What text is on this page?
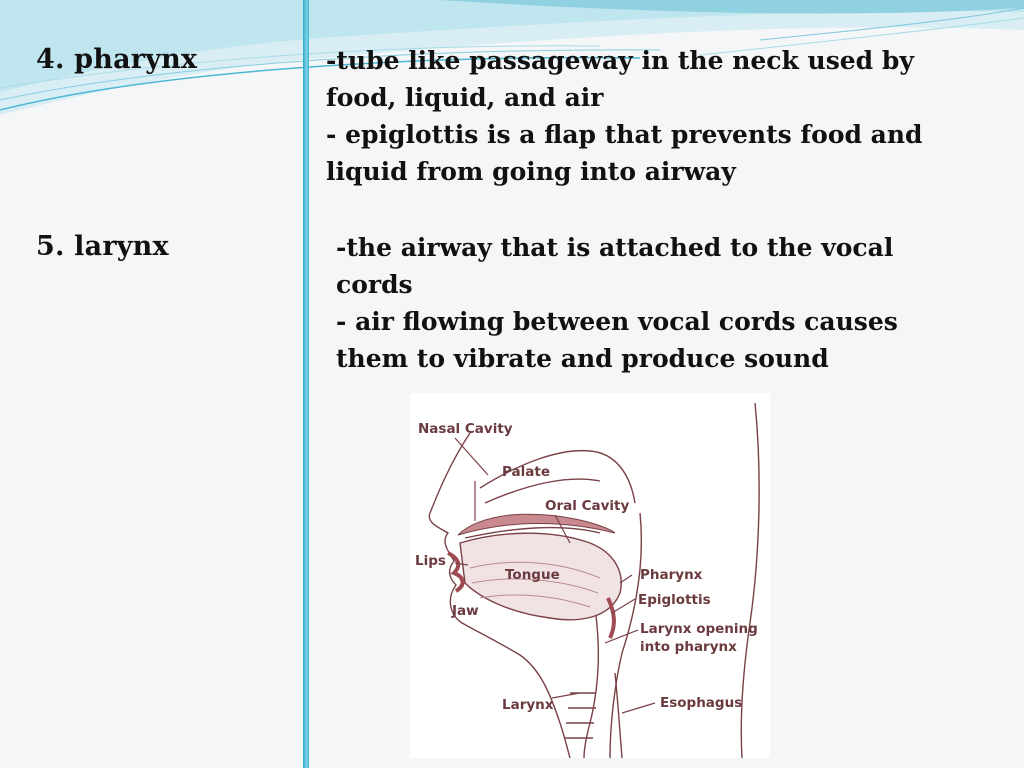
4. pharynx	-tube like passageway in the neck used by
food, liquid, and air
- epiglottis is a flap that prevents food and
liquid from going into airway
5. larynx	-the airway that is attached to the vocal
cords
- air flowing between vocal cords causes
them to vibrate and produce sound
Nasal Cavity
Palate
Oral Cavity
Lips
Tongue
Jaw
Pharynx
Epiglottis
Larynx opening
into pharynx
Larynx	Esophagus
